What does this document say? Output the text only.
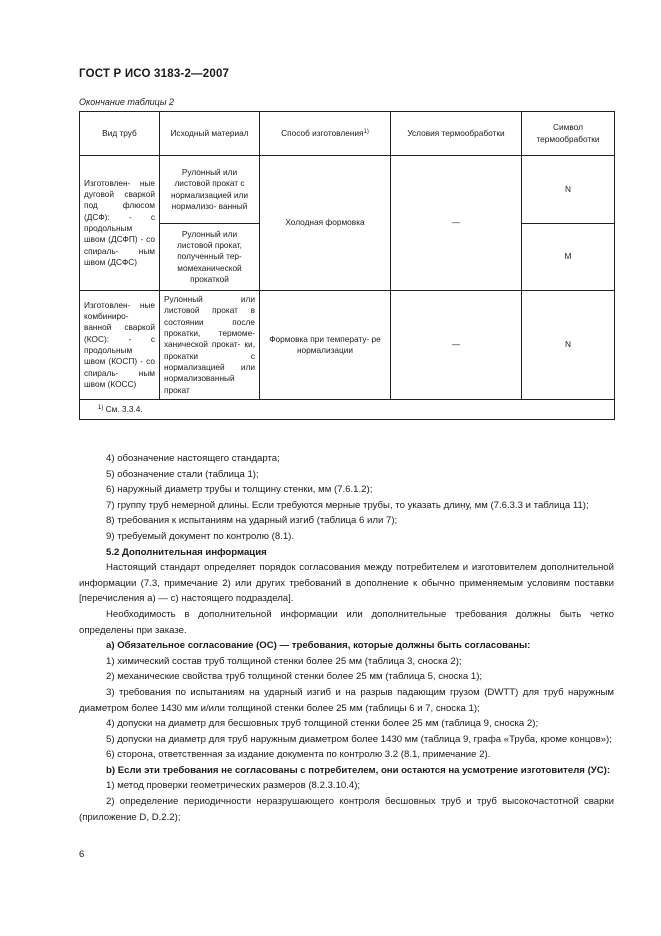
ГОСТ Р ИСО 3183-2—2007
Окончание таблицы 2
Вид труб	Исходный материал	Способ изготовления$^{1)}$	Условия термообработки	Символ термообработки
Изготовлен- ные дуговой сваркой под флюсом (ДСФ): - с продольным швом (ДСФП) - со спираль- ным швом (ДСФС)	Рулонный или листовой прокат с нормализацией или нормализо- ванный	Холодная формовка	—	N
	Рулонный или листовой прокат, полученный тер- момеханической прокаткой			M
Изготовлен- ные комбиниро- ванной сваркой (КОС): - с продольным швом (КОСП) - со спираль- ным швом (КОСС)	Рулонный или листовой прокат в состоянии после прокатки, термоме- ханической прокат- ки, прокатки с нормализацией или нормализованный прокат	Формовка при температу- ре нормализации	—	N
$^{1)}$ См. 3.3.4.				

4) обозначение настоящего стандарта;

5) обозначение стали (таблица 1);

6) наружный диаметр трубы и толщину стенки, мм (7.6.1.2);

7) группу труб немерной длины. Если требуются мерные трубы, то указать длину, мм (7.6.3.3 и таблица 11);

8) требования к испытаниям на ударный изгиб (таблица 6 или 7);

9) требуемый документ по контролю (8.1).

5.2 Дополнительная информация

Настоящий стандарт определяет порядок согласования между потребителем и изготовителем дополнительной информации (7.3, примечание 2) или других требований в дополнение к обычно применяемым условиям поставки [перечисления а) — с) настоящего подраздела].

Необходимость в дополнительной информации или дополнительные требования должны быть четко определены при заказе.

а) Обязательное согласование (ОС) — требования, которые должны быть согласованы:

1) химический состав труб толщиной стенки более 25 мм (таблица 3, сноска 2);

2) механические свойства труб толщиной стенки более 25 мм (таблица 5, сноска 1);

3) требования по испытаниям на ударный изгиб и на разрыв падающим грузом (DWTT) для труб наружным диаметром более 1430 мм и/или толщиной стенки более 25 мм (таблицы 6 и 7, сноска 1);

4) допуски на диаметр для бесшовных труб толщиной стенки более 25 мм (таблица 9, сноска 2);

5) допуски на диаметр для труб наружным диаметром более 1430 мм (таблица 9, графа «Труба, кроме концов»);

6) сторона, ответственная за издание документа по контролю 3.2 (8.1, примечание 2).

b) Если эти требования не согласованы с потребителем, они остаются на усмотрение изготовителя (УС):

1) метод проверки геометрических размеров (8.2.3.10.4);

2) определение периодичности неразрушающего контроля бесшовных труб и труб высокочастотной сварки (приложение D, D.2.2);

6
